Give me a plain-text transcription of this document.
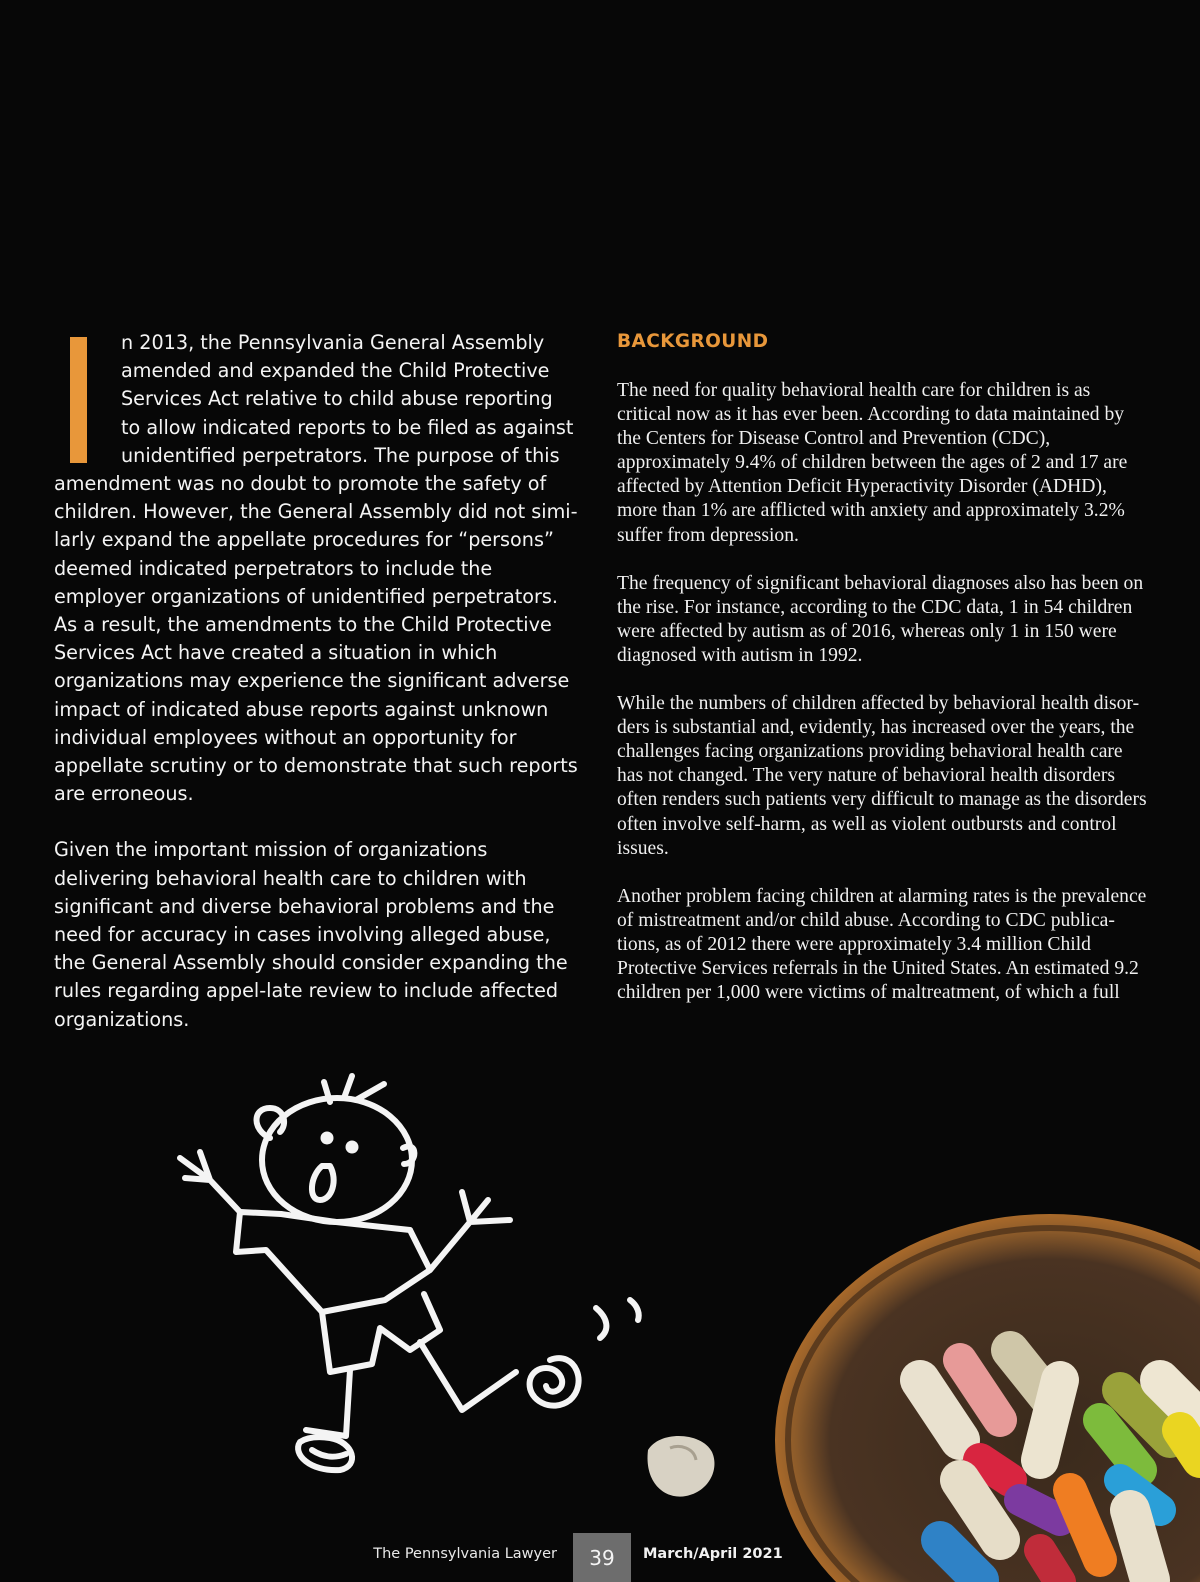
n 2013, the Pennsylvania General Assembly amended and expanded the Child Protective Services Act relative to child abuse reporting to allow indicated reports to be filed as against unidentified perpetrators. The purpose of this amendment was no doubt to promote the safety of children. However, the General Assembly did not simi-larly expand the appellate procedures for “persons” deemed indicated perpetrators to include the employer organizations of unidentified perpetrators. As a result, the amendments to the Child Protective Services Act have created a situation in which organizations may experience the significant adverse impact of indicated abuse reports against unknown individual employees without an opportunity for appellate scrutiny or to demonstrate that such reports are erroneous.

Given the important mission of organizations delivering behavioral health care to children with significant and diverse behavioral problems and the need for accuracy in cases involving alleged abuse, the General Assembly should consider expanding the rules regarding appel-late review to include affected organizations.

BACKGROUND

The need for quality behavioral health care for children is as critical now as it has ever been. According to data maintained by the Centers for Disease Control and Prevention (CDC), approximately 9.4% of children between the ages of 2 and 17 are affected by Attention Deficit Hyperactivity Disorder (ADHD), more than 1% are afflicted with anxiety and approximately 3.2% suffer from depression.

The frequency of significant behavioral diagnoses also has been on the rise. For instance, according to the CDC data, 1 in 54 children were affected by autism as of 2016, whereas only 1 in 150 were diagnosed with autism in 1992.

While the numbers of children affected by behavioral health disor-ders is substantial and, evidently, has increased over the years, the challenges facing organizations providing behavioral health care has not changed. The very nature of behavioral health disorders often renders such patients very difficult to manage as the disorders often involve self-harm, as well as violent outbursts and control issues.

Another problem facing children at alarming rates is the prevalence of mistreatment and/or child abuse. According to CDC publica-tions, as of 2012 there were approximately 3.4 million Child Protective Services referrals in the United States. An estimated 9.2 children per 1,000 were victims of maltreatment, of which a full

The Pennsylvania Lawyer	39	March/April 2021
